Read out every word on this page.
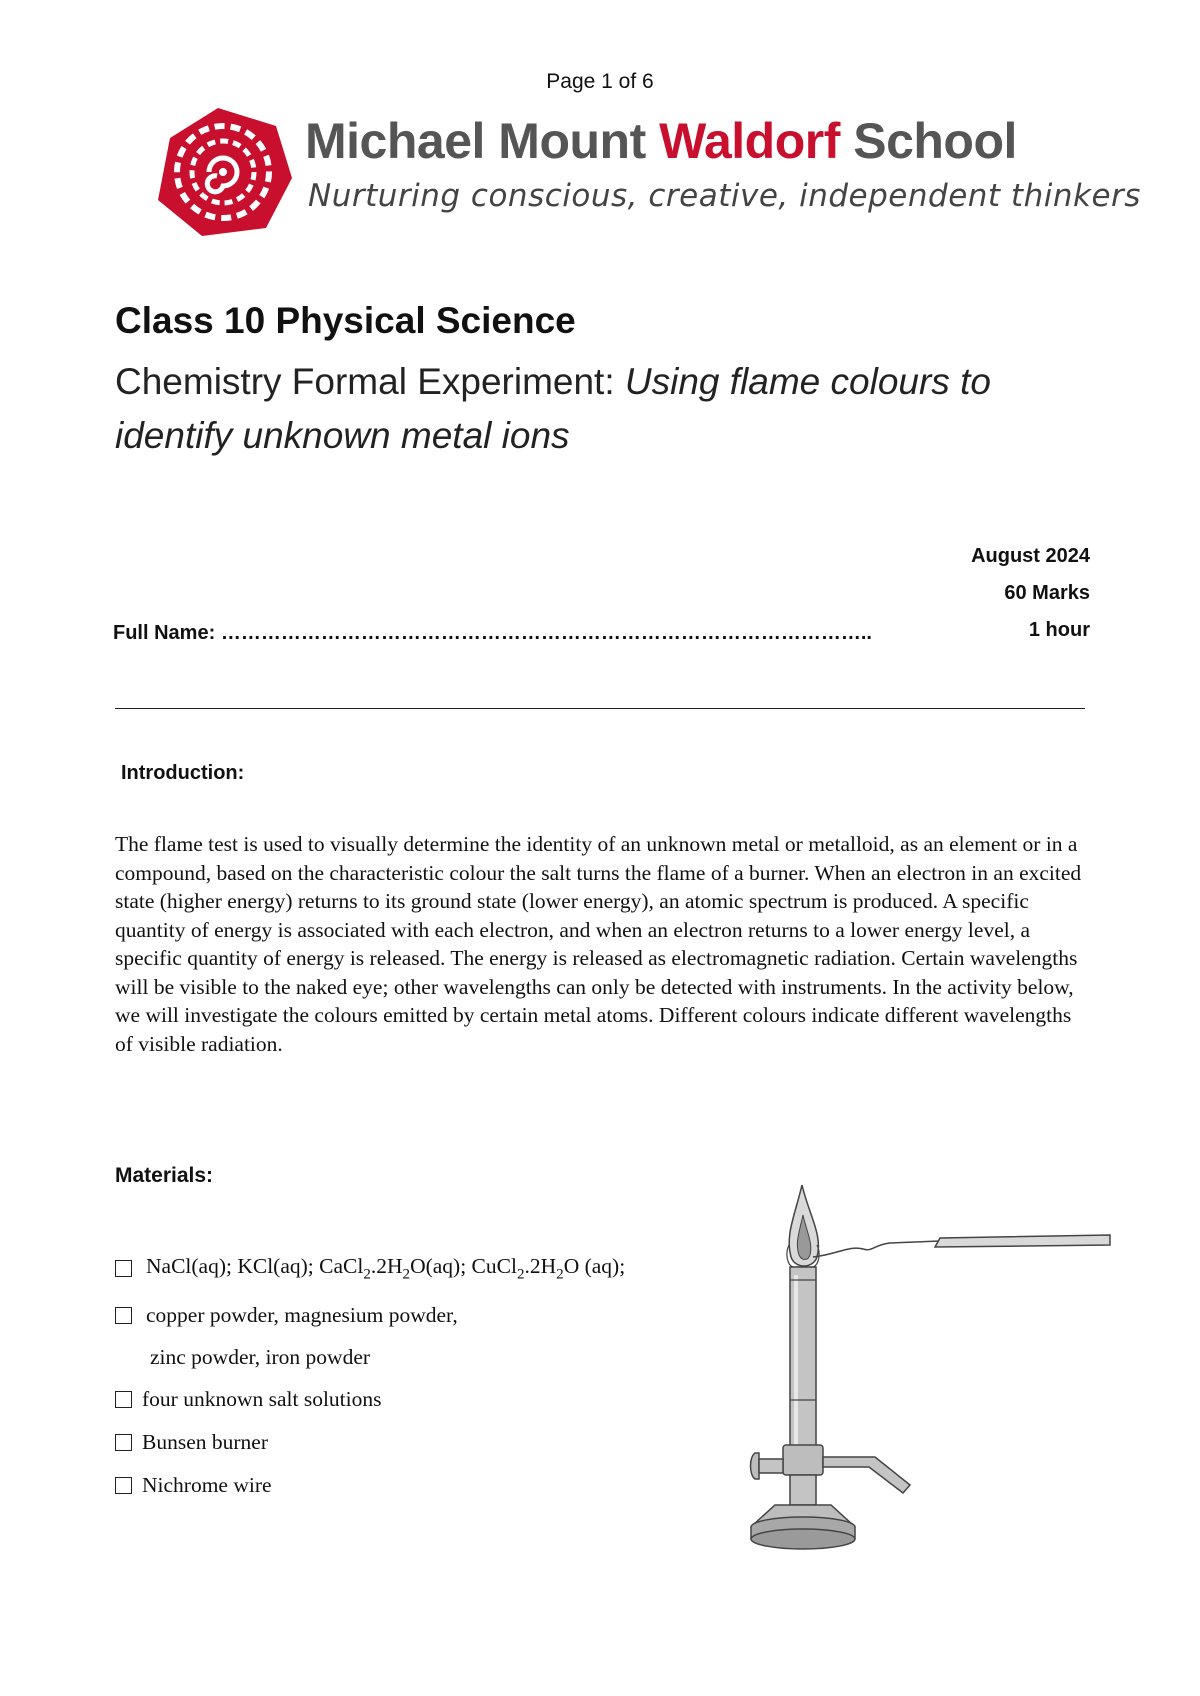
Page 1 of 6
Michael Mount Waldorf School
Nurturing conscious, creative, independent thinkers
Class 10 Physical Science
Chemistry Formal Experiment: Using flame colours to identify unknown metal ions
August 2024
60 Marks
1 hour
Full Name: ……………………………………………………………………………………..
Introduction:
The flame test is used to visually determine the identity of an unknown metal or metalloid, as an element or in a compound, based on the characteristic colour the salt turns the flame of a burner. When an electron in an excited state (higher energy) returns to its ground state (lower energy), an atomic spectrum is produced. A specific quantity of energy is associated with each electron, and when an electron returns to a lower energy level, a specific quantity of energy is released. The energy is released as electromagnetic radiation. Certain wavelengths will be visible to the naked eye; other wavelengths can only be detected with instruments. In the activity below, we will investigate the colours emitted by certain metal atoms. Different colours indicate different wavelengths of visible radiation.
Materials:
NaCl(aq); KCl(aq); $CaCl_2.2H_2O(aq)$; $CuCl_2.2H_2O$ (aq);
copper powder, magnesium powder,
zinc powder, iron powder
four unknown salt solutions
Bunsen burner
Nichrome wire
